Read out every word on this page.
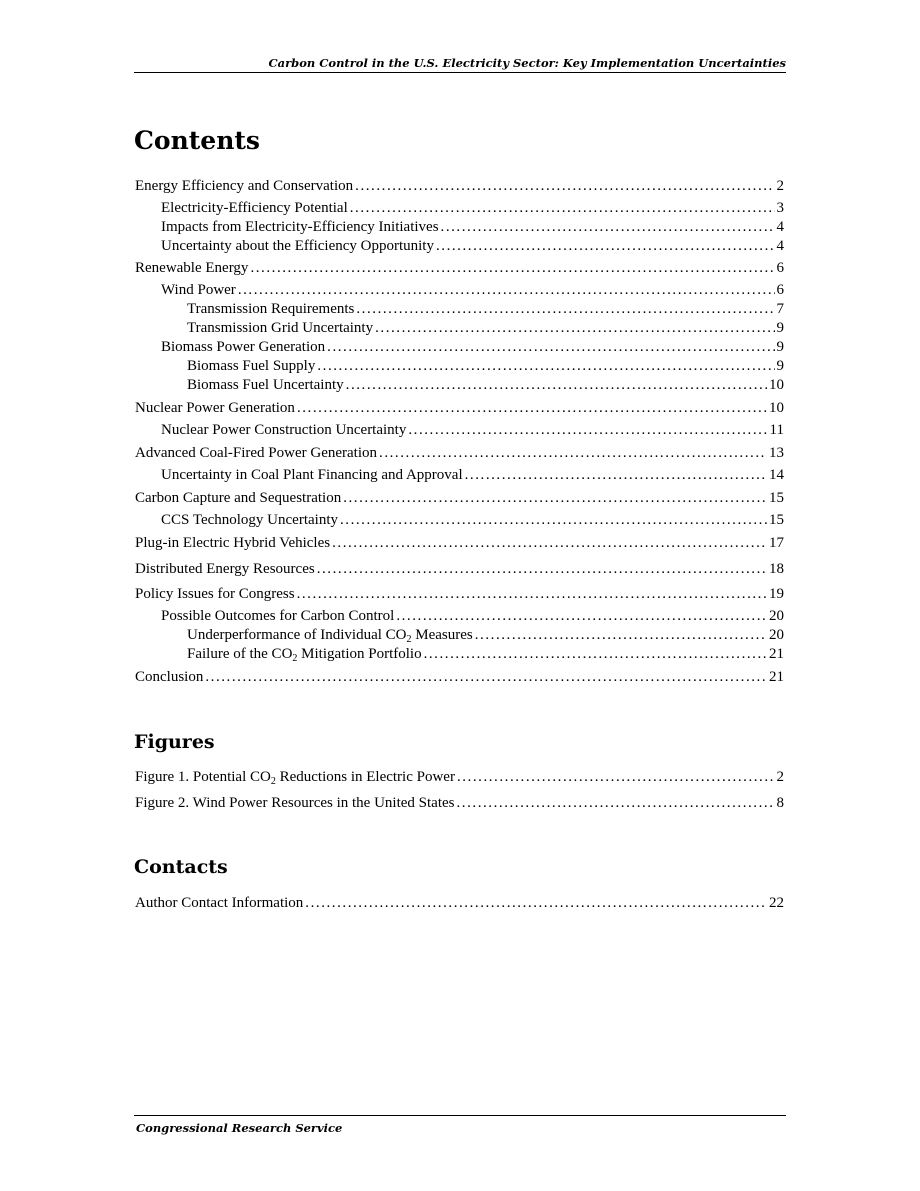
Carbon Control in the U.S. Electricity Sector: Key Implementation Uncertainties
Contents
Energy Efficiency and Conservation . . .	2
Electricity-Efficiency Potential . . .	3
Impacts from Electricity-Efficiency Initiatives . . .	4
Uncertainty about the Efficiency Opportunity . . .	4
Renewable Energy . . .	6
Wind Power . . .	6
Transmission Requirements . . .	7
Transmission Grid Uncertainty . . .	9
Biomass Power Generation . . .	9
Biomass Fuel Supply . . .	9
Biomass Fuel Uncertainty . . .	10
Nuclear Power Generation . . .	10
Nuclear Power Construction Uncertainty . . .	11
Advanced Coal-Fired Power Generation . . .	13
Uncertainty in Coal Plant Financing and Approval . . .	14
Carbon Capture and Sequestration . . .	15
CCS Technology Uncertainty . . .	15
Plug-in Electric Hybrid Vehicles . . .	17
Distributed Energy Resources . . .	18
Policy Issues for Congress . . .	19
Possible Outcomes for Carbon Control . . .	20
Underperformance of Individual $CO_2$ Measures . . .	20
Failure of the $CO_2$ Mitigation Portfolio . . .	21
Conclusion . . .	21
Figures
Figure 1. Potential $CO_2$ Reductions in Electric Power . . .	2
Figure 2. Wind Power Resources in the United States . . .	8
Contacts
Author Contact Information . . .	22
Congressional Research Service
